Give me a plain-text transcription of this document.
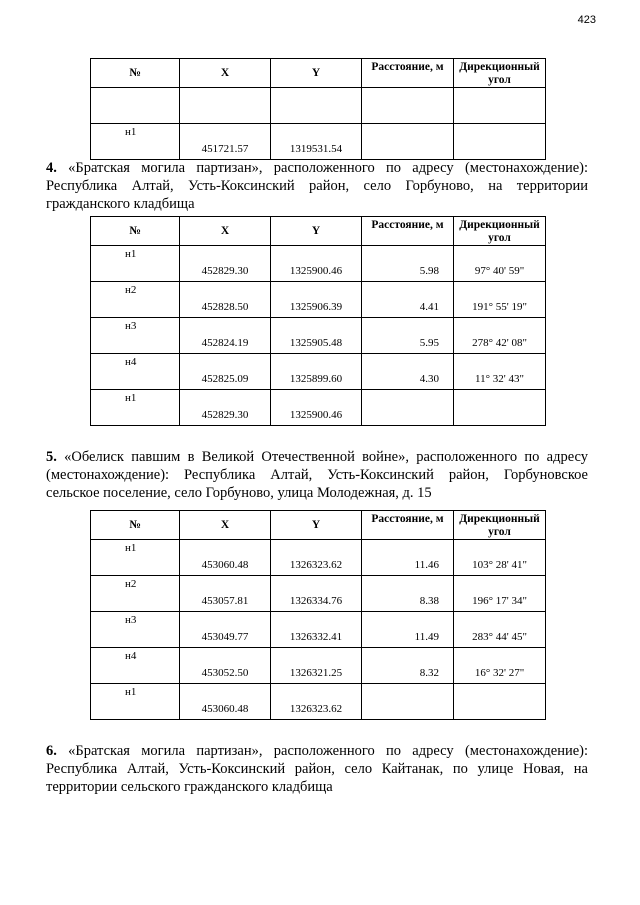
423
№	X	Y	Расстояние, м	Дирекционный угол

н1	451721.57	1319531.54		

4. «Братская могила партизан», расположенного по адресу (местонахождение): Республика Алтай, Усть-Коксинский район, село Горбуново, на территории гражданского кладбища
№	X	Y	Расстояние, м	Дирекционный угол

н1	452829.30	1325900.46	5.98	97° 40' 59"

н2	452828.50	1325906.39	4.41	191° 55' 19"

н3	452824.19	1325905.48	5.95	278° 42' 08"

н4	452825.09	1325899.60	4.30	11° 32' 43"

н1	452829.30	1325900.46		

5. «Обелиск павшим в Великой Отечественной войне», расположенного по адресу (местонахождение): Республика Алтай, Усть-Коксинский район, Горбуновское сельское поселение, село Горбуново, улица Молодежная, д. 15
№	X	Y	Расстояние, м	Дирекционный угол

н1	453060.48	1326323.62	11.46	103° 28' 41"

н2	453057.81	1326334.76	8.38	196° 17' 34"

н3	453049.77	1326332.41	11.49	283° 44' 45"

н4	453052.50	1326321.25	8.32	16° 32' 27"

н1	453060.48	1326323.62		

6. «Братская могила партизан», расположенного по адресу (местонахождение): Республика Алтай, Усть-Коксинский район, село Кайтанак, по улице Новая, на территории сельского гражданского кладбища
